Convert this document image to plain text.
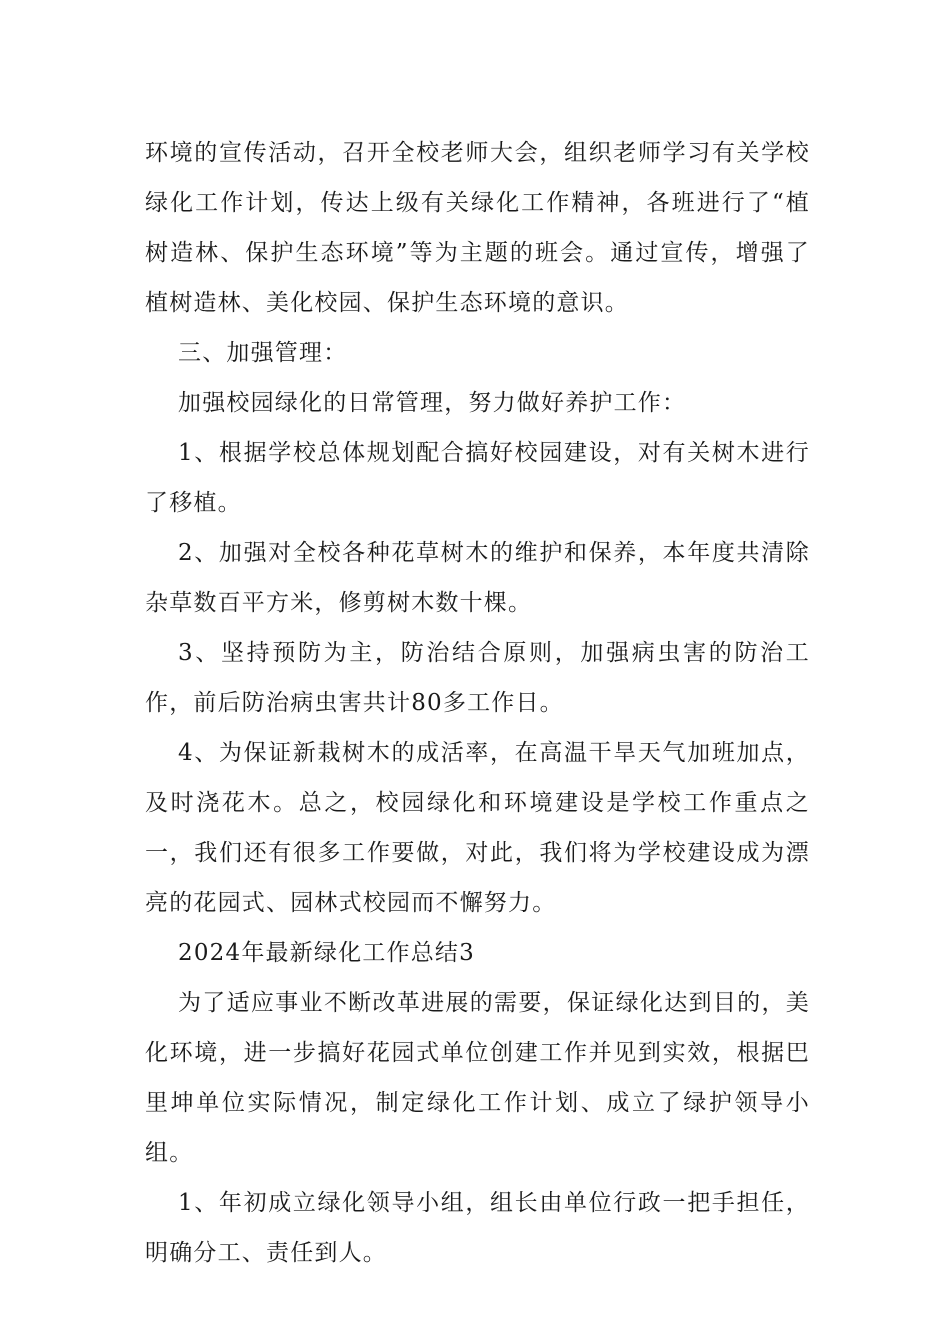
环境的宣传活动，召开全校老师大会，组织老师学习有关学校绿化工作计划，传达上级有关绿化工作精神，各班进行了“植树造林、保护生态环境”等为主题的班会。通过宣传，增强了植树造林、美化校园、保护生态环境的意识。

三、加强管理：

加强校园绿化的日常管理，努力做好养护工作：

1、根据学校总体规划配合搞好校园建设，对有关树木进行了移植。

2、加强对全校各种花草树木的维护和保养，本年度共清除杂草数百平方米，修剪树木数十棵。

3、坚持预防为主，防治结合原则，加强病虫害的防治工作，前后防治病虫害共计80多工作日。

4、为保证新栽树木的成活率，在高温干旱天气加班加点，及时浇花木。总之，校园绿化和环境建设是学校工作重点之一，我们还有很多工作要做，对此，我们将为学校建设成为漂亮的花园式、园林式校园而不懈努力。

2024年最新绿化工作总结3

为了适应事业不断改革进展的需要，保证绿化达到目的，美化环境，进一步搞好花园式单位创建工作并见到实效，根据巴里坤单位实际情况，制定绿化工作计划、成立了绿护领导小组。

1、年初成立绿化领导小组，组长由单位行政一把手担任，明确分工、责任到人。
